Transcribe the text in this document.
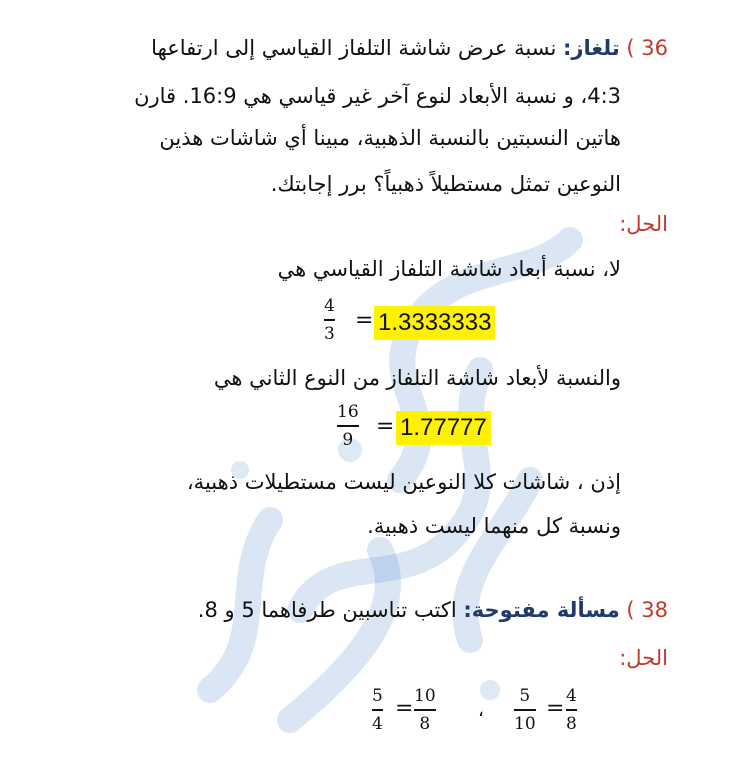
36 ) تلغاز: نسبة عرض شاشة التلفاز القياسي إلى ارتفاعها
4:3، و نسبة الأبعاد لنوع آخر غير قياسي هي 16:9. قارن
هاتين النسبتين بالنسبة الذهبية، مبينا أي شاشات هذين
النوعين تمثل مستطيلاً ذهبياً؟ برر إجابتك.
الحل:
لا، نسبة أبعاد شاشة التلفاز القياسي هي
4
3
= 1.3333333
والنسبة لأبعاد شاشة التلفاز من النوع الثاني هي
16
9
= 1.77777
إذن ، شاشات كلا النوعين ليست مستطيلات ذهبية،
ونسبة كل منهما ليست ذهبية.
38 ) مسألة مفتوحة: اكتب تناسبين طرفاهما 5 و 8.
الحل:
5
4
= 10
8
،
5
10
= 4
8
